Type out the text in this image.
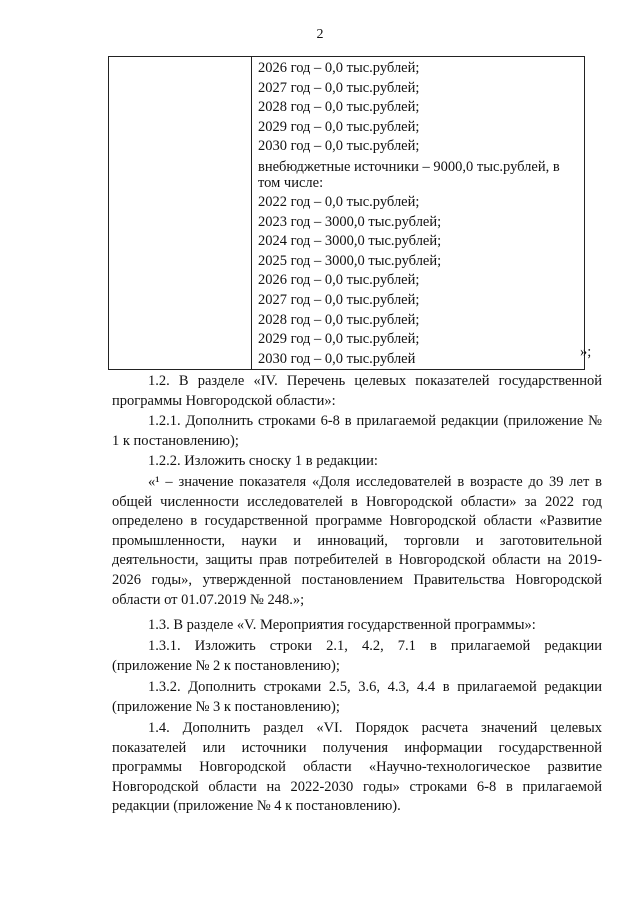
2

2026 год – 0,0 тыс.рублей;
2027 год – 0,0 тыс.рублей;
2028 год – 0,0 тыс.рублей;
2029 год – 0,0 тыс.рублей;
2030 год – 0,0 тыс.рублей;
внебюджетные источники – 9000,0 тыс.рублей, в том числе:
2022 год – 0,0 тыс.рублей;
2023 год – 3000,0 тыс.рублей;
2024 год – 3000,0 тыс.рублей;
2025 год – 3000,0 тыс.рублей;
2026 год – 0,0 тыс.рублей;
2027 год – 0,0 тыс.рублей;
2028 год – 0,0 тыс.рублей;
2029 год – 0,0 тыс.рублей;
2030 год – 0,0 тыс.рублей	»;

1.2. В разделе «IV. Перечень целевых показателей государственной программы Новгородской области»:

1.2.1. Дополнить строками 6-8 в прилагаемой редакции (приложение № 1 к постановлению);

1.2.2. Изложить сноску 1 в редакции:

«¹ – значение показателя «Доля исследователей в возрасте до 39 лет в общей численности исследователей в Новгородской области» за 2022 год определено в государственной программе Новгородской области «Развитие промышленности, науки и инноваций, торговли и заготовительной деятельности, защиты прав потребителей в Новгородской области на 2019-2026 годы», утвержденной постановлением Правительства Новгородской области от 01.07.2019 № 248.»;

1.3. В разделе «V. Мероприятия государственной программы»:

1.3.1. Изложить строки 2.1, 4.2, 7.1 в прилагаемой редакции (приложение № 2 к постановлению);

1.3.2. Дополнить строками 2.5, 3.6, 4.3, 4.4 в прилагаемой редакции (приложение № 3 к постановлению);

1.4. Дополнить раздел «VI. Порядок расчета значений целевых показателей или источники получения информации государственной программы Новгородской области «Научно-технологическое развитие Новгородской области на 2022-2030 годы» строками 6-8 в прилагаемой редакции (приложение № 4 к постановлению).
